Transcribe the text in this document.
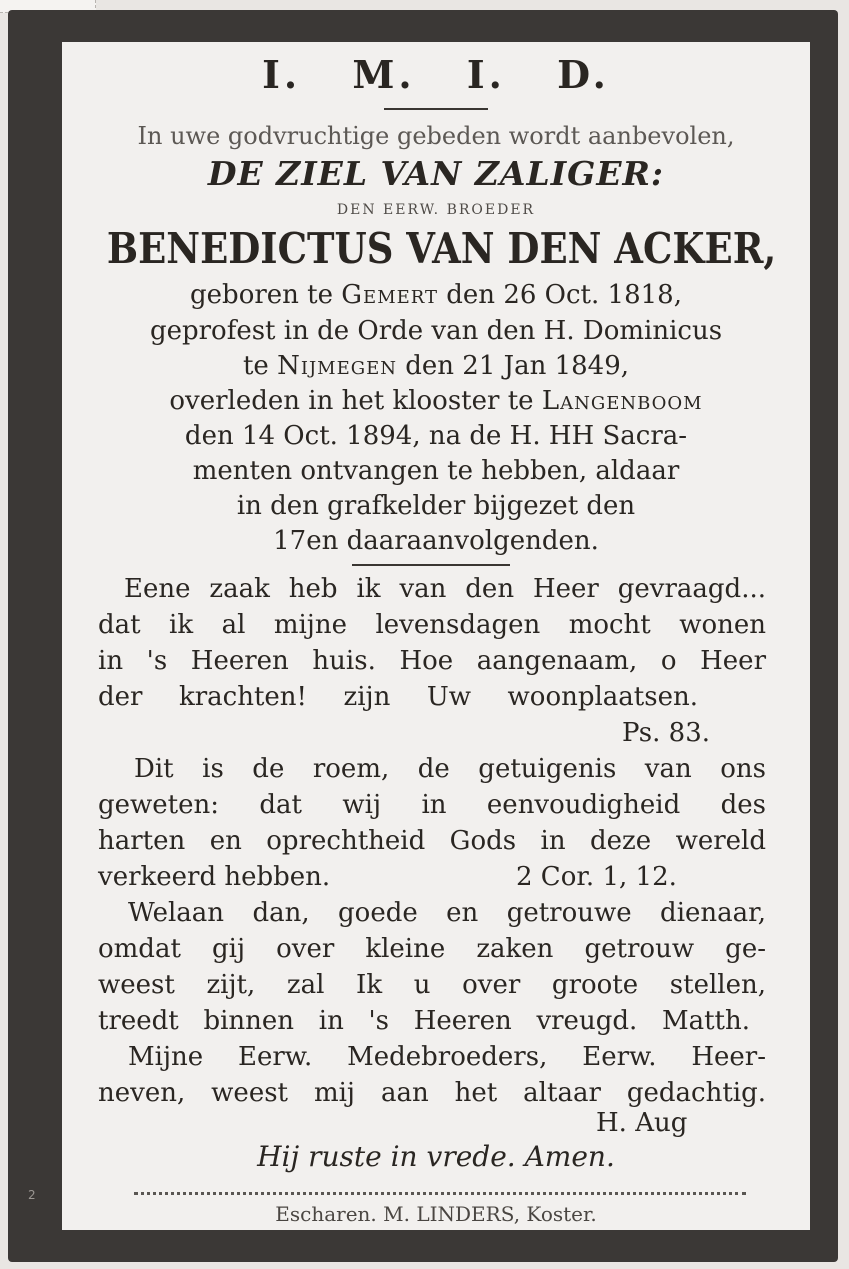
I. M. I. D.

In uwe godvruchtige gebeden wordt aanbevolen,

DE ZIEL VAN ZALIGER:

DEN EERW. BROEDER

BENEDICTUS VAN DEN ACKER,

geboren te Gemert den 26 Oct. 1818,

geprofest in de Orde van den H. Dominicus

te Nijmegen den 21 Jan 1849,

overleden in het klooster te Langenboom

den 14 Oct. 1894, na de H. HH Sacra-

menten ontvangen te hebben, aldaar

in den grafkelder bijgezet den

17en daaraanvolgenden.

Eene zaak heb ik van den Heer gevraagd...

dat ik al mijne levensdagen mocht wonen

in 's Heeren huis. Hoe aangenaam, o Heer

der krachten! zijn Uw woonplaatsen.

Ps. 83.

Dit is de roem, de getuigenis van ons

geweten: dat wij in eenvoudigheid des

harten en oprechtheid Gods in deze wereld

verkeerd hebben.	2 Cor. 1, 12.

Welaan dan, goede en getrouwe dienaar,

omdat gij over kleine zaken getrouw ge-

weest zijt, zal Ik u over groote stellen,

treedt binnen in 's Heeren vreugd. Matth.

Mijne Eerw. Medebroeders, Eerw. Heer-

neven, weest mij aan het altaar gedachtig.

H. Aug

Hij ruste in vrede. Amen.

Escharen. M. LINDERS, Koster.

2
